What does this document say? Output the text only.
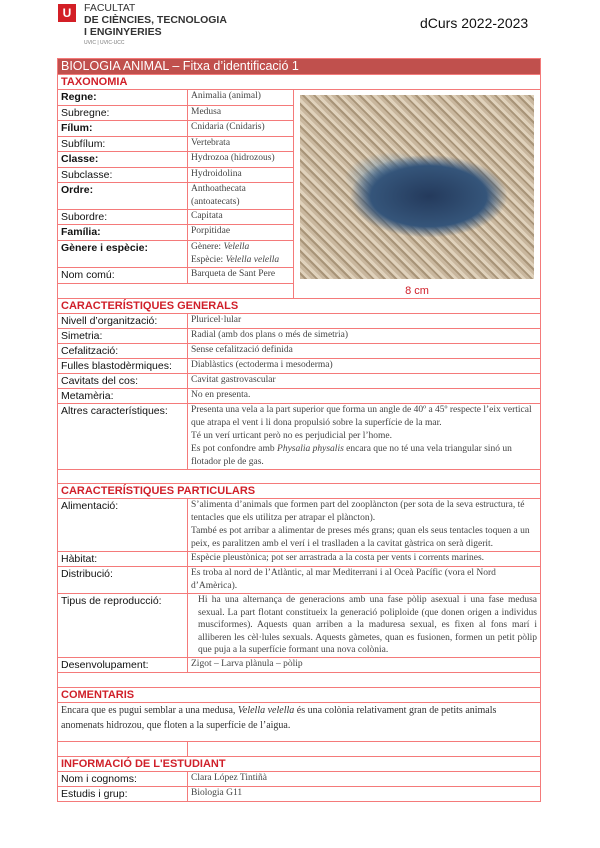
U	FACULTAT
DE CIÈNCIES, TECNOLOGIA
I ENGINYERIES
UVIC | UVIC-UCC
dCurs 2022-2023
BIOLOGIA ANIMAL – Fitxa d’identificació 1		
TAXONOMIA		
Regne:	Animalia (animal)	

Subregne:	Medusa	
Fílum:	Cnidaria (Cnidaris)	
Subfílum:	Vertebrata	
Classe:	Hydrozoa (hidrozous)	
Subclasse:	Hydroidolina	
Ordre:	Anthoathecata (antoatecats)	
Subordre:	Capitata	
Família:	Porpitidae	
Gènere i espècie:	Gènere: Velella
Espècie: Velella velella	
Nom comú:	Barqueta de Sant Pere	
		8 cm
CARACTERÍSTIQUES GENERALS		
Nivell d’organització:	Pluricel·lular	
Simetria:	Radial (amb dos plans o més de simetria)	
Cefalització:	Sense cefalització definida	
Fulles blastodèrmiques:	Diablàstics (ectoderma i mesoderma)	
Cavitats del cos:	Cavitat gastrovascular	
Metamèria:	No en presenta.	
Altres característiques:	Presenta una vela a la part superior que forma un angle de 40º a 45º respecte l’eix vertical que atrapa el vent i li dona propulsió sobre la superfície de la mar.
Té un verí urticant però no es perjudicial per l’home.
Es pot confondre amb Physalia physalis encara que no té una vela triangular sinó un flotador ple de gas.	

CARACTERÍSTIQUES PARTICULARS		
Alimentació:	S’alimenta d’animals que formen part del zooplàncton (per sota de la seva estructura, té tentacles que els utilitza per atrapar el plàncton).
També es pot arribar a alimentar de preses més grans; quan els seus tentacles toquen a un peix, es paralitzen amb el verí i el traslladen a la cavitat gàstrica on serà digerit.	

Hàbitat:	Espècie pleustònica; pot ser arrastrada a la costa per vents i corrents marines.	
Distribució:	Es troba al nord de l’Atlàntic, al mar Mediterrani i al Oceà Pacífic (vora el Nord d’Amèrica).	
Tipus de reproducció:	Hi ha una alternança de generacions amb una fase pòlip asexual i una fase medusa sexual. La part flotant constitueix la generació poliploide (que donen origen a individus musciformes). Aquests quan arriben a la maduresa sexual, es fixen al fons marí i alliberen les cèl·lules sexuals. Aquests gàmetes, quan es fusionen, formen un petit pòlip que puja a la superfície formant una nova colònia.	
Desenvolupament:	Zigot – Larva plànula – pòlip	

COMENTARIS		
Encara que es pugui semblar a una medusa, Velella velella és una colònia relativament gran de petits animals anomenats hidrozou, que floten a la superfície de l’aigua.		

INFORMACIÓ DE L'ESTUDIANT		
Nom i cognoms:	Clara López Tintiñà	
Estudis i grup:	Biologia G11	
